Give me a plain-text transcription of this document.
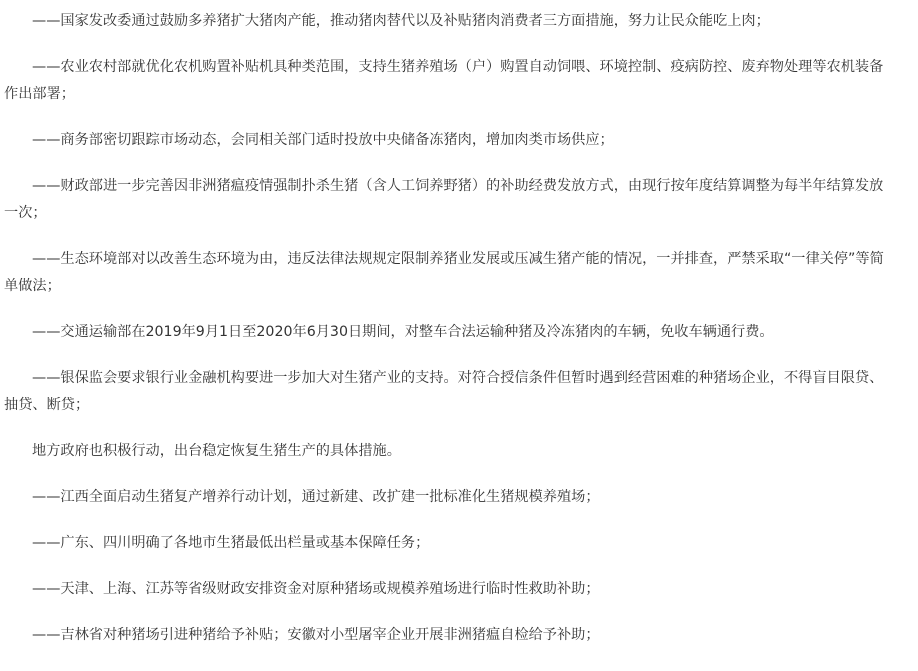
——国家发改委通过鼓励多养猪扩大猪肉产能，推动猪肉替代以及补贴猪肉消费者三方面措施，努力让民众能吃上肉；

——农业农村部就优化农机购置补贴机具种类范围，支持生猪养殖场（户）购置自动饲喂、环境控制、疫病防控、废弃物处理等农机装备作出部署；

——商务部密切跟踪市场动态，会同相关部门适时投放中央储备冻猪肉，增加肉类市场供应；

——财政部进一步完善因非洲猪瘟疫情强制扑杀生猪（含人工饲养野猪）的补助经费发放方式，由现行按年度结算调整为每半年结算发放一次；

——生态环境部对以改善生态环境为由，违反法律法规规定限制养猪业发展或压减生猪产能的情况，一并排查，严禁采取“一律关停”等简单做法；

——交通运输部在2019年9月1日至2020年6月30日期间，对整车合法运输种猪及冷冻猪肉的车辆，免收车辆通行费。

——银保监会要求银行业金融机构要进一步加大对生猪产业的支持。对符合授信条件但暂时遇到经营困难的种猪场企业，不得盲目限贷、抽贷、断贷；

地方政府也积极行动，出台稳定恢复生猪生产的具体措施。

——江西全面启动生猪复产增养行动计划，通过新建、改扩建一批标准化生猪规模养殖场；

——广东、四川明确了各地市生猪最低出栏量或基本保障任务；

——天津、上海、江苏等省级财政安排资金对原种猪场或规模养殖场进行临时性救助补助；

——吉林省对种猪场引进种猪给予补贴；安徽对小型屠宰企业开展非洲猪瘟自检给予补助；
